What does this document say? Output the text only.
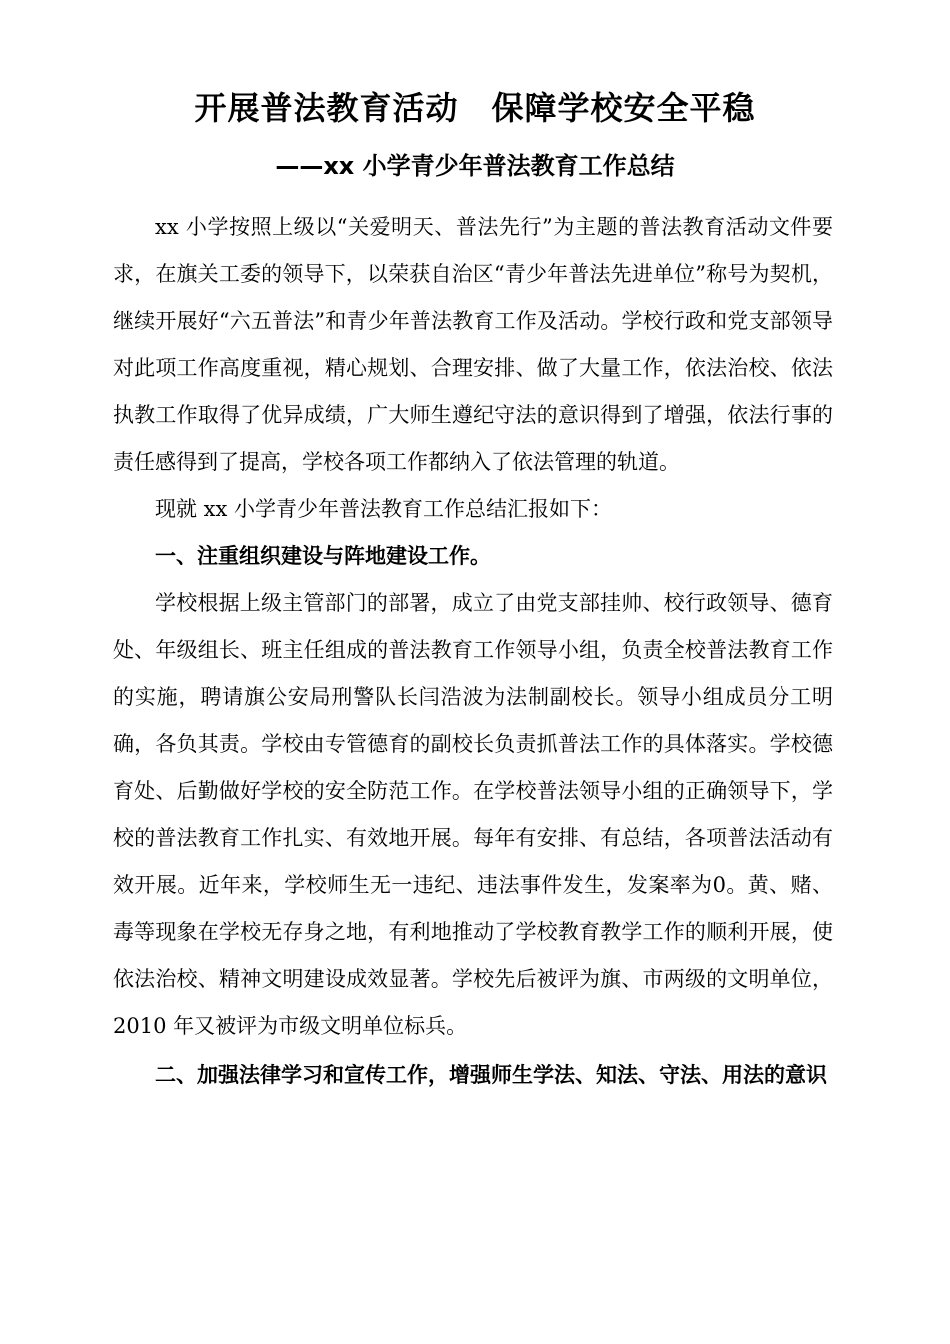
开展普法教育活动　保障学校安全平稳
——xx 小学青少年普法教育工作总结

xx 小学按照上级以“关爱明天、普法先行”为主题的普法教育活动文件要求，在旗关工委的领导下，以荣获自治区“青少年普法先进单位”称号为契机，继续开展好“六五普法”和青少年普法教育工作及活动。学校行政和党支部领导对此项工作高度重视，精心规划、合理安排、做了大量工作，依法治校、依法执教工作取得了优异成绩，广大师生遵纪守法的意识得到了增强，依法行事的责任感得到了提高，学校各项工作都纳入了依法管理的轨道。

现就 xx 小学青少年普法教育工作总结汇报如下：

一、注重组织建设与阵地建设工作。

学校根据上级主管部门的部署，成立了由党支部挂帅、校行政领导、德育处、年级组长、班主任组成的普法教育工作领导小组，负责全校普法教育工作的实施，聘请旗公安局刑警队长闫浩波为法制副校长。领导小组成员分工明确，各负其责。学校由专管德育的副校长负责抓普法工作的具体落实。学校德育处、后勤做好学校的安全防范工作。在学校普法领导小组的正确领导下，学校的普法教育工作扎实、有效地开展。每年有安排、有总结，各项普法活动有效开展。近年来，学校师生无一违纪、违法事件发生，发案率为0。黄、赌、毒等现象在学校无存身之地，有利地推动了学校教育教学工作的顺利开展，使依法治校、精神文明建设成效显著。学校先后被评为旗、市两级的文明单位，2010 年又被评为市级文明单位标兵。

二、加强法律学习和宣传工作，增强师生学法、知法、守法、用法的意识
